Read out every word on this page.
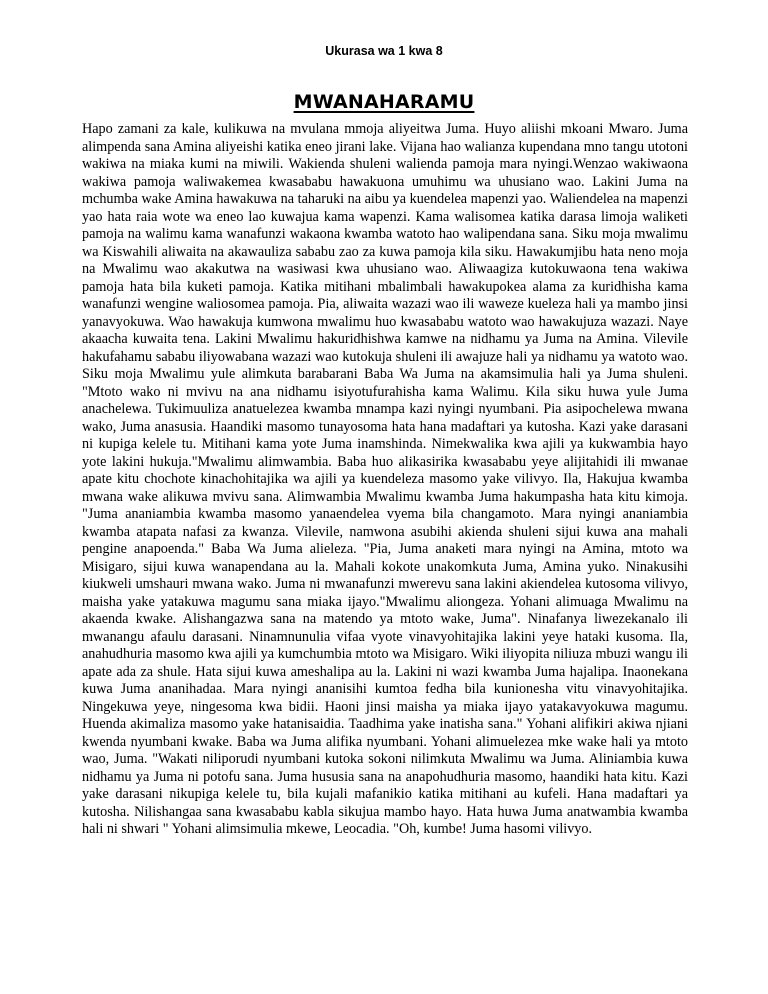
Ukurasa wa 1 kwa 8
MWANAHARAMU

Hapo zamani za kale, kulikuwa na mvulana mmoja aliyeitwa Juma. Huyo aliishi mkoani Mwaro. Juma alimpenda sana Amina aliyeishi katika eneo jirani lake. Vijana hao walianza kupendana mno tangu utotoni wakiwa na miaka kumi na miwili. Wakienda shuleni walienda pamoja mara nyingi.Wenzao wakiwaona wakiwa pamoja waliwakemea kwasababu hawakuona umuhimu wa uhusiano wao. Lakini Juma na mchumba wake Amina hawakuwa na taharuki na aibu ya kuendelea mapenzi yao. Waliendelea na mapenzi yao hata raia wote wa eneo lao kuwajua kama wapenzi. Kama walisomea katika darasa limoja waliketi pamoja na walimu kama wanafunzi wakaona kwamba watoto hao walipendana sana. Siku moja mwalimu wa Kiswahili aliwaita na akawauliza sababu zao za kuwa pamoja kila siku. Hawakumjibu hata neno moja na Mwalimu wao akakutwa na wasiwasi kwa uhusiano wao. Aliwaagiza kutokuwaona tena wakiwa pamoja hata bila kuketi pamoja. Katika mitihani mbalimbali hawakupokea alama za kuridhisha kama wanafunzi wengine waliosomea pamoja. Pia, aliwaita wazazi wao ili waweze kueleza hali ya mambo jinsi yanavyokuwa. Wao hawakuja kumwona mwalimu huo kwasababu watoto wao hawakujuza wazazi. Naye akaacha kuwaita tena. Lakini Mwalimu hakuridhishwa kamwe na nidhamu ya Juma na Amina. Vilevile hakufahamu sababu iliyowabana wazazi wao kutokuja shuleni ili awajuze hali ya nidhamu ya watoto wao. Siku moja Mwalimu yule alimkuta barabarani Baba Wa Juma na akamsimulia hali ya Juma shuleni. "Mtoto wako ni mvivu na ana nidhamu isiyotufurahisha kama Walimu. Kila siku huwa yule Juma anachelewa. Tukimuuliza anatuelezea kwamba mnampa kazi nyingi nyumbani. Pia asipochelewa mwana wako, Juma anasusia. Haandiki masomo tunayosoma hata hana madaftari ya kutosha. Kazi yake darasani ni kupiga kelele tu. Mitihani kama yote Juma inamshinda. Nimekwalika kwa ajili ya kukwambia hayo yote lakini hukuja."Mwalimu alimwambia. Baba huo alikasirika kwasababu yeye alijitahidi ili mwanae apate kitu chochote kinachohitajika wa ajili ya kuendeleza masomo yake vilivyo. Ila, Hakujua kwamba mwana wake alikuwa mvivu sana. Alimwambia Mwalimu kwamba Juma hakumpasha hata kitu kimoja. "Juma ananiambia kwamba masomo yanaendelea vyema bila changamoto. Mara nyingi ananiambia kwamba atapata nafasi za kwanza. Vilevile, namwona asubihi akienda shuleni sijui kuwa ana mahali pengine anapoenda." Baba Wa Juma alieleza. "Pia, Juma anaketi mara nyingi na Amina, mtoto wa Misigaro, sijui kuwa wanapendana au la. Mahali kokote unakomkuta Juma, Amina yuko. Ninakusihi kiukweli umshauri mwana wako. Juma ni mwanafunzi mwerevu sana lakini akiendelea kutosoma vilivyo, maisha yake yatakuwa magumu sana miaka ijayo."Mwalimu aliongeza. Yohani alimuaga Mwalimu na akaenda kwake. Alishangazwa sana na matendo ya mtoto wake, Juma". Ninafanya liwezekanalo ili mwanangu afaulu darasani. Ninamnunulia vifaa vyote vinavyohitajika lakini yeye hataki kusoma. Ila, anahudhuria masomo kwa ajili ya kumchumbia mtoto wa Misigaro. Wiki iliyopita niliuza mbuzi wangu ili apate ada za shule. Hata sijui kuwa ameshalipa au la. Lakini ni wazi kwamba Juma hajalipa. Inaonekana kuwa Juma ananihadaa. Mara nyingi ananisihi kumtoa fedha bila kunionesha vitu vinavyohitajika. Ningekuwa yeye, ningesoma kwa bidii. Haoni jinsi maisha ya miaka ijayo yatakavyokuwa magumu. Huenda akimaliza masomo yake hatanisaidia. Taadhima yake inatisha sana." Yohani alifikiri akiwa njiani kwenda nyumbani kwake. Baba wa Juma alifika nyumbani. Yohani alimuelezea mke wake hali ya mtoto wao, Juma. "Wakati niliporudi nyumbani kutoka sokoni nilimkuta Mwalimu wa Juma. Aliniambia kuwa nidhamu ya Juma ni potofu sana. Juma hususia sana na anapohudhuria masomo, haandiki hata kitu. Kazi yake darasani nikupiga kelele tu, bila kujali mafanikio katika mitihani au kufeli. Hana madaftari ya kutosha. Nilishangaa sana kwasababu kabla sikujua mambo hayo. Hata huwa Juma anatwambia kwamba hali ni shwari " Yohani alimsimulia mkewe, Leocadia. "Oh, kumbe! Juma hasomi vilivyo.
